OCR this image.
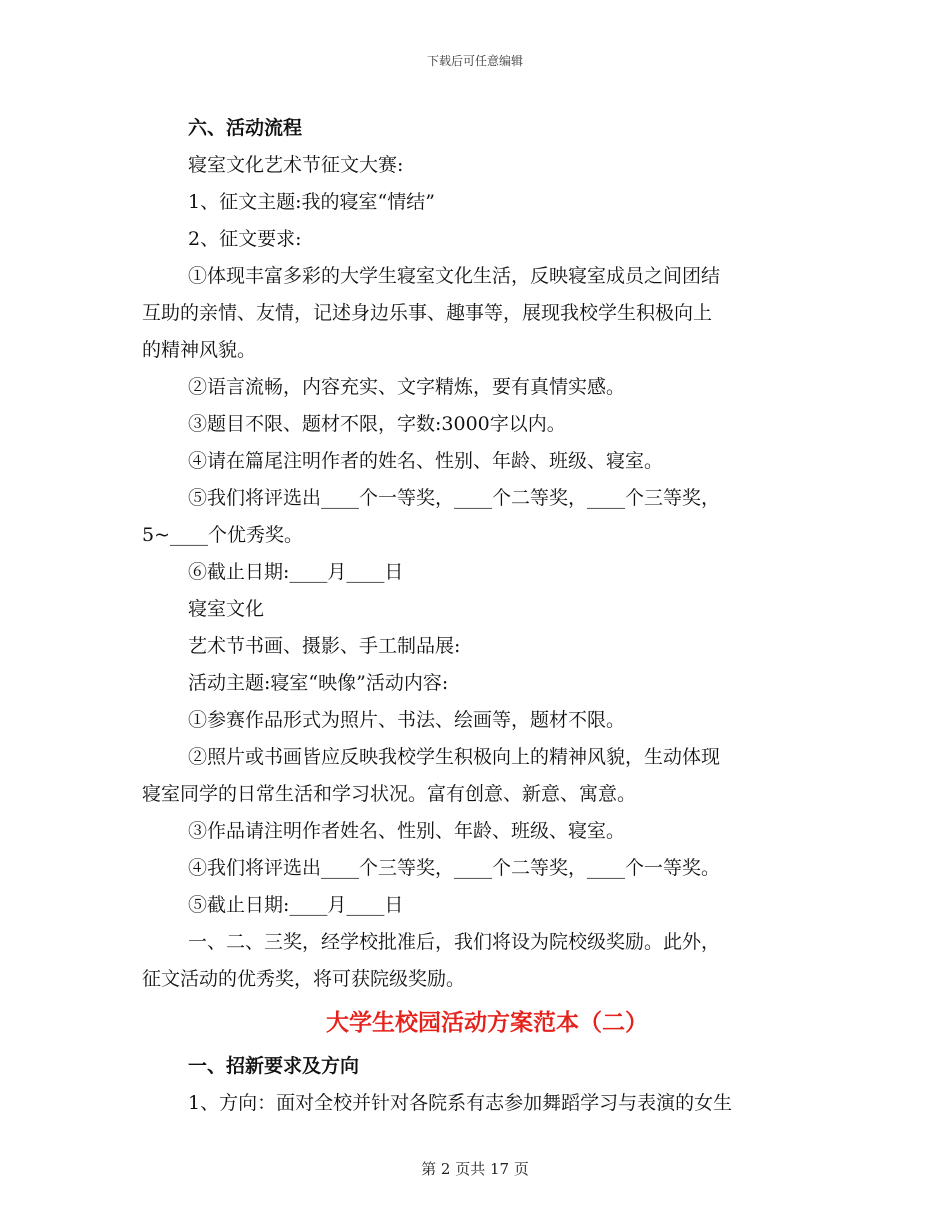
下载后可任意编辑
六、活动流程
寝室文化艺术节征文大赛:
1、征文主题:我的寝室“情结”
2、征文要求:
①体现丰富多彩的大学生寝室文化生活，反映寝室成员之间团结
互助的亲情、友情，记述身边乐事、趣事等，展现我校学生积极向上
的精神风貌。
②语言流畅，内容充实、文字精炼，要有真情实感。
③题目不限、题材不限，字数:3000字以内。
④请在篇尾注明作者的姓名、性别、年龄、班级、寝室。
⑤我们将评选出____个一等奖，____个二等奖，____个三等奖，
5~____个优秀奖。
⑥截止日期:____月____日
寝室文化
艺术节书画、摄影、手工制品展:
活动主题:寝室“映像”活动内容:
①参赛作品形式为照片、书法、绘画等，题材不限。
②照片或书画皆应反映我校学生积极向上的精神风貌，生动体现
寝室同学的日常生活和学习状况。富有创意、新意、寓意。
③作品请注明作者姓名、性别、年龄、班级、寝室。
④我们将评选出____个三等奖，____个二等奖，____个一等奖。
⑤截止日期:____月____日
一、二、三奖，经学校批准后，我们将设为院校级奖励。此外，
征文活动的优秀奖，将可获院级奖励。
大学生校园活动方案范本（二）
一、招新要求及方向
1、方向：面对全校并针对各院系有志参加舞蹈学习与表演的女生
第 2 页共 17 页
